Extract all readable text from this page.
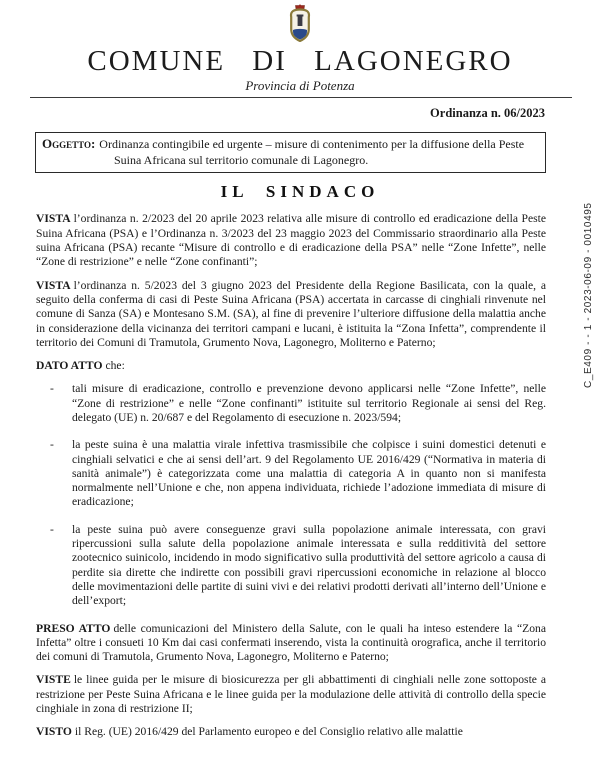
COMUNE DI LAGONEGRO
Provincia di Potenza
Ordinanza n. 06/2023
Oggetto: Ordinanza contingibile ed urgente – misure di contenimento per la diffusione della Peste Suina Africana sul territorio comunale di Lagonegro.
IL SINDACO

VISTA l’ordinanza n. 2/2023 del 20 aprile 2023 relativa alle misure di controllo ed eradicazione della Peste Suina Africana (PSA) e l’Ordinanza n. 3/2023 del 23 maggio 2023 del Commissario straordinario alla Peste suina Africana (PSA) recante “Misure di controllo e di eradicazione della PSA” nelle “Zone Infette”, nelle “Zone di restrizione” e nelle “Zone confinanti”;

VISTA l’ordinanza n. 5/2023 del 3 giugno 2023 del Presidente della Regione Basilicata, con la quale, a seguito della conferma di casi di Peste Suina Africana (PSA) accertata in carcasse di cinghiali rinvenute nel comune di Sanza (SA) e Montesano S.M. (SA), al fine di prevenire l’ulteriore diffusione della malattia anche in considerazione della vicinanza dei territori campani e lucani, è istituita la “Zona Infetta”, comprendente il territorio dei Comuni di Tramutola, Grumento Nova, Lagonegro, Moliterno e Paterno;

DATO ATTO che:

-	tali misure di eradicazione, controllo e prevenzione devono applicarsi nelle “Zone Infette”, nelle “Zone di restrizione” e nelle “Zone confinanti” istituite sul territorio Regionale ai sensi del Reg. delegato (UE) n. 20/687 e del Regolamento di esecuzione n. 2023/594;
-	la peste suina è una malattia virale infettiva trasmissibile che colpisce i suini domestici detenuti e cinghiali selvatici e che ai sensi dell’art. 9 del Regolamento UE 2016/429 (“Normativa in materia di sanità animale”) è categorizzata come una malattia di categoria A in quanto non si manifesta normalmente nell’Unione e che, non appena individuata, richiede l’adozione immediata di misure di eradicazione;
-	la peste suina può avere conseguenze gravi sulla popolazione animale interessata, con gravi ripercussioni sulla salute della popolazione animale interessata e sulla redditività del settore zootecnico suinicolo, incidendo in modo significativo sulla produttività del settore agricolo a causa di perdite sia dirette che indirette con possibili gravi ripercussioni economiche in relazione al blocco delle movimentazioni delle partite di suini vivi e dei relativi prodotti derivati all’interno dell’Unione e dell’export;

PRESO ATTO delle comunicazioni del Ministero della Salute, con le quali ha inteso estendere la “Zona Infetta” oltre i consueti 10 Km dai casi confermati inserendo, vista la continuità orografica, anche il territorio dei comuni di Tramutola, Grumento Nova, Lagonegro, Moliterno e Paterno;

VISTE le linee guida per le misure di biosicurezza per gli abbattimenti di cinghiali nelle zone sottoposte a restrizione per Peste Suina Africana e le linee guida per la modulazione delle attività di controllo della specie cinghiale in zona di restrizione II;

VISTO il Reg. (UE) 2016/429 del Parlamento europeo e del Consiglio relativo alle malattie

C_E409 - - 1 - 2023-06-09 - 0010495
